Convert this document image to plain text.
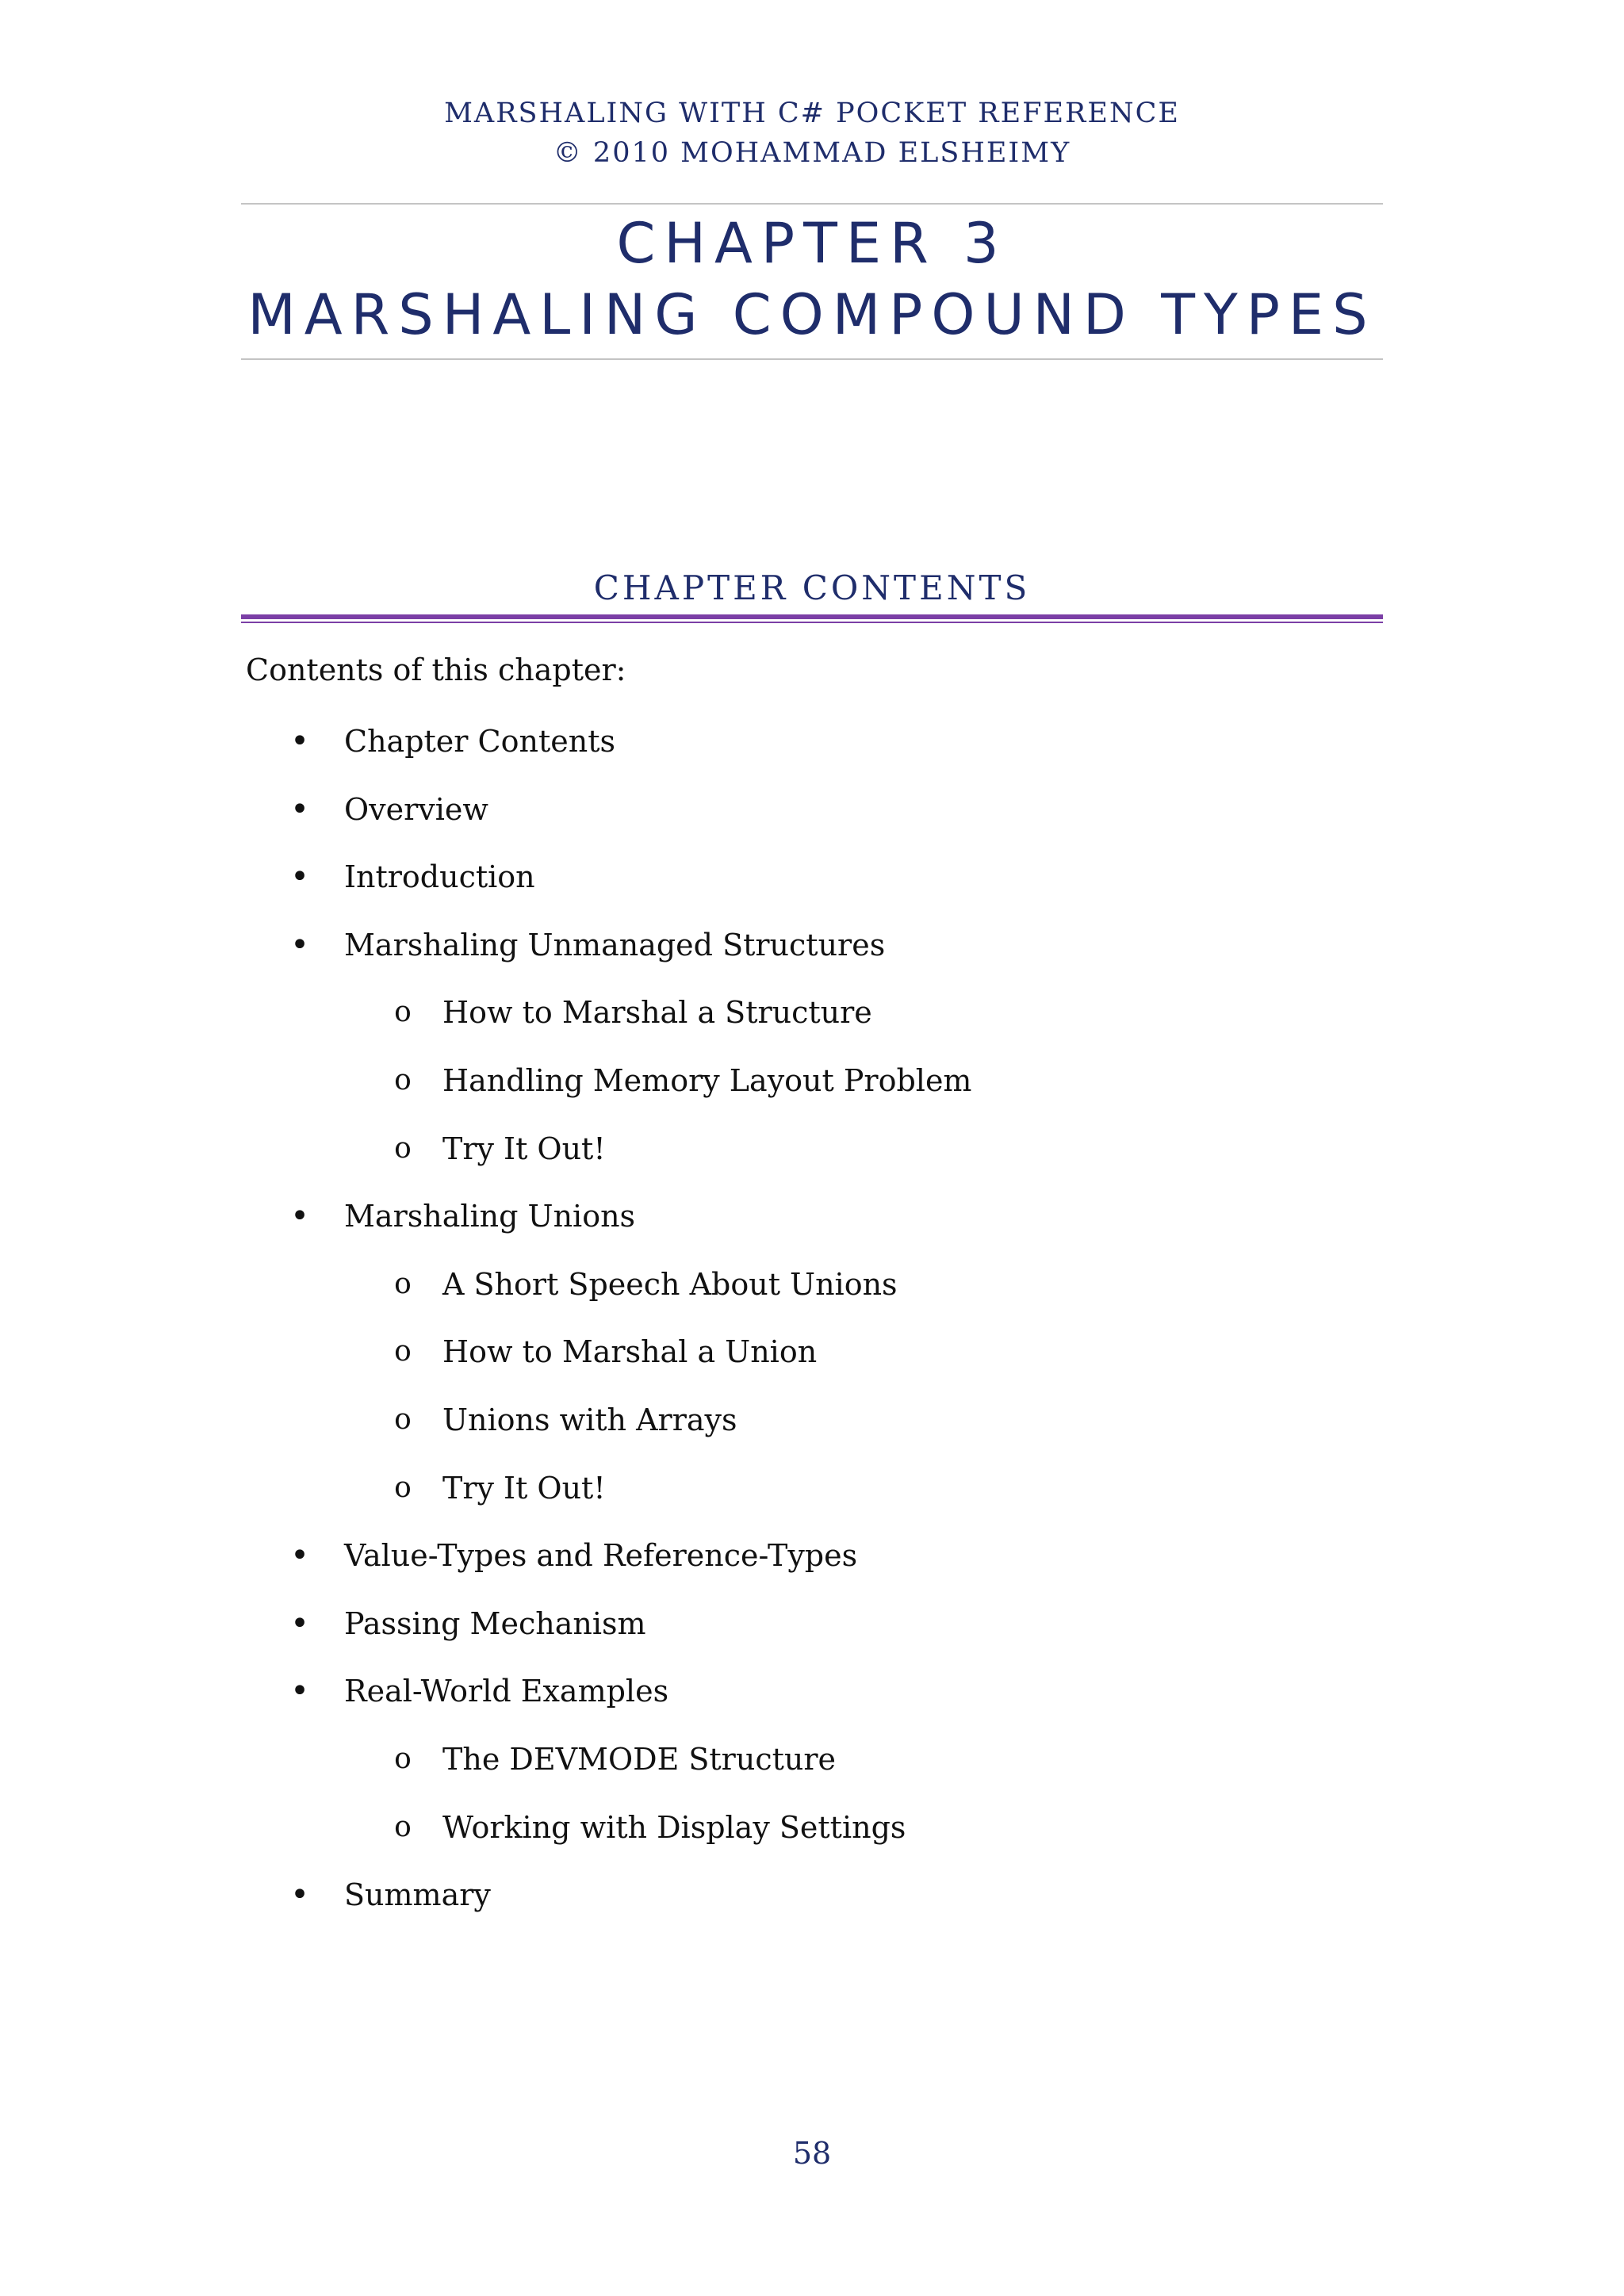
MARSHALING WITH C# POCKET REFERENCE
© 2010 MOHAMMAD ELSHEIMY
CHAPTER 3
MARSHALING COMPOUND TYPES
CHAPTER CONTENTS
Contents of this chapter:
• Chapter Contents
• Overview
• Introduction
• Marshaling Unmanaged Structures
o How to Marshal a Structure
o Handling Memory Layout Problem
o Try It Out!
• Marshaling Unions
o A Short Speech About Unions
o How to Marshal a Union
o Unions with Arrays
o Try It Out!
• Value-Types and Reference-Types
• Passing Mechanism
• Real-World Examples
o The DEVMODE Structure
o Working with Display Settings
• Summary
58
